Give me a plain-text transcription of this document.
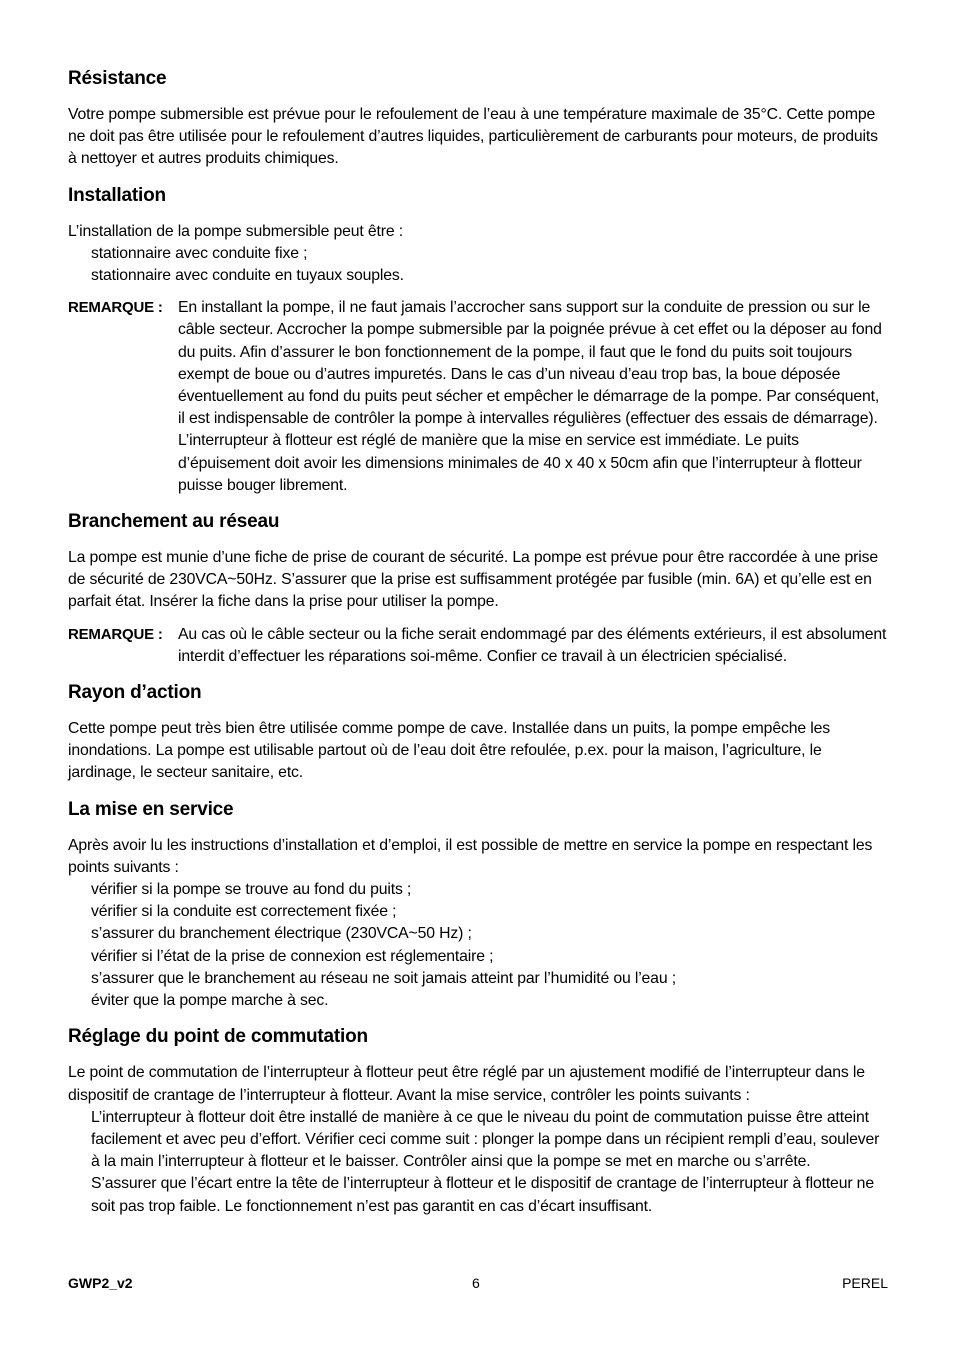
Résistance

Votre pompe submersible est prévue pour le refoulement de l’eau à une température maximale de 35°C. Cette pompe ne doit pas être utilisée pour le refoulement d’autres liquides, particulièrement de carburants pour moteurs, de produits à nettoyer et autres produits chimiques.

Installation

L’installation de la pompe submersible peut être :

stationnaire avec conduite fixe ;
stationnaire avec conduite en tuyaux souples.
REMARQUE : En installant la pompe, il ne faut jamais l’accrocher sans support sur la conduite de pression ou sur le câble secteur. Accrocher la pompe submersible par la poignée prévue à cet effet ou la déposer au fond du puits. Afin d’assurer le bon fonctionnement de la pompe, il faut que le fond du puits soit toujours exempt de boue ou d’autres impuretés. Dans le cas d’un niveau d’eau trop bas, la boue déposée éventuellement au fond du puits peut sécher et empêcher le démarrage de la pompe. Par conséquent, il est indispensable de contrôler la pompe à intervalles régulières (effectuer des essais de démarrage). L’interrupteur à flotteur est réglé de manière que la mise en service est immédiate. Le puits d’épuisement doit avoir les dimensions minimales de 40 x 40 x 50cm afin que l’interrupteur à flotteur puisse bouger librement.
Branchement au réseau

La pompe est munie d’une fiche de prise de courant de sécurité. La pompe est prévue pour être raccordée à une prise de sécurité de 230VCA~50Hz. S’assurer que la prise est suffisamment protégée par fusible (min. 6A) et qu’elle est en parfait état. Insérer la fiche dans la prise pour utiliser la pompe.

REMARQUE : Au cas où le câble secteur ou la fiche serait endommagé par des éléments extérieurs, il est absolument interdit d’effectuer les réparations soi-même. Confier ce travail à un électricien spécialisé.
Rayon d’action

Cette pompe peut très bien être utilisée comme pompe de cave. Installée dans un puits, la pompe empêche les inondations. La pompe est utilisable partout où de l’eau doit être refoulée, p.ex. pour la maison, l’agriculture, le jardinage, le secteur sanitaire, etc.

La mise en service

Après avoir lu les instructions d’installation et d’emploi, il est possible de mettre en service la pompe en respectant les points suivants :

vérifier si la pompe se trouve au fond du puits ;
vérifier si la conduite est correctement fixée ;
s’assurer du branchement électrique (230VCA~50 Hz) ;
vérifier si l’état de la prise de connexion est réglementaire ;
s’assurer que le branchement au réseau ne soit jamais atteint par l’humidité ou l’eau ;
éviter que la pompe marche à sec.
Réglage du point de commutation

Le point de commutation de l’interrupteur à flotteur peut être réglé par un ajustement modifié de l’interrupteur dans le dispositif de crantage de l’interrupteur à flotteur. Avant la mise service, contrôler les points suivants :

L’interrupteur à flotteur doit être installé de manière à ce que le niveau du point de commutation puisse être atteint facilement et avec peu d’effort. Vérifier ceci comme suit : plonger la pompe dans un récipient rempli d’eau, soulever à la main l’interrupteur à flotteur et le baisser. Contrôler ainsi que la pompe se met en marche ou s’arrête.
S’assurer que l’écart entre la tête de l’interrupteur à flotteur et le dispositif de crantage de l’interrupteur à flotteur ne soit pas trop faible. Le fonctionnement n’est pas garantit en cas d’écart insuffisant.
GWP2_v2	6	PEREL
